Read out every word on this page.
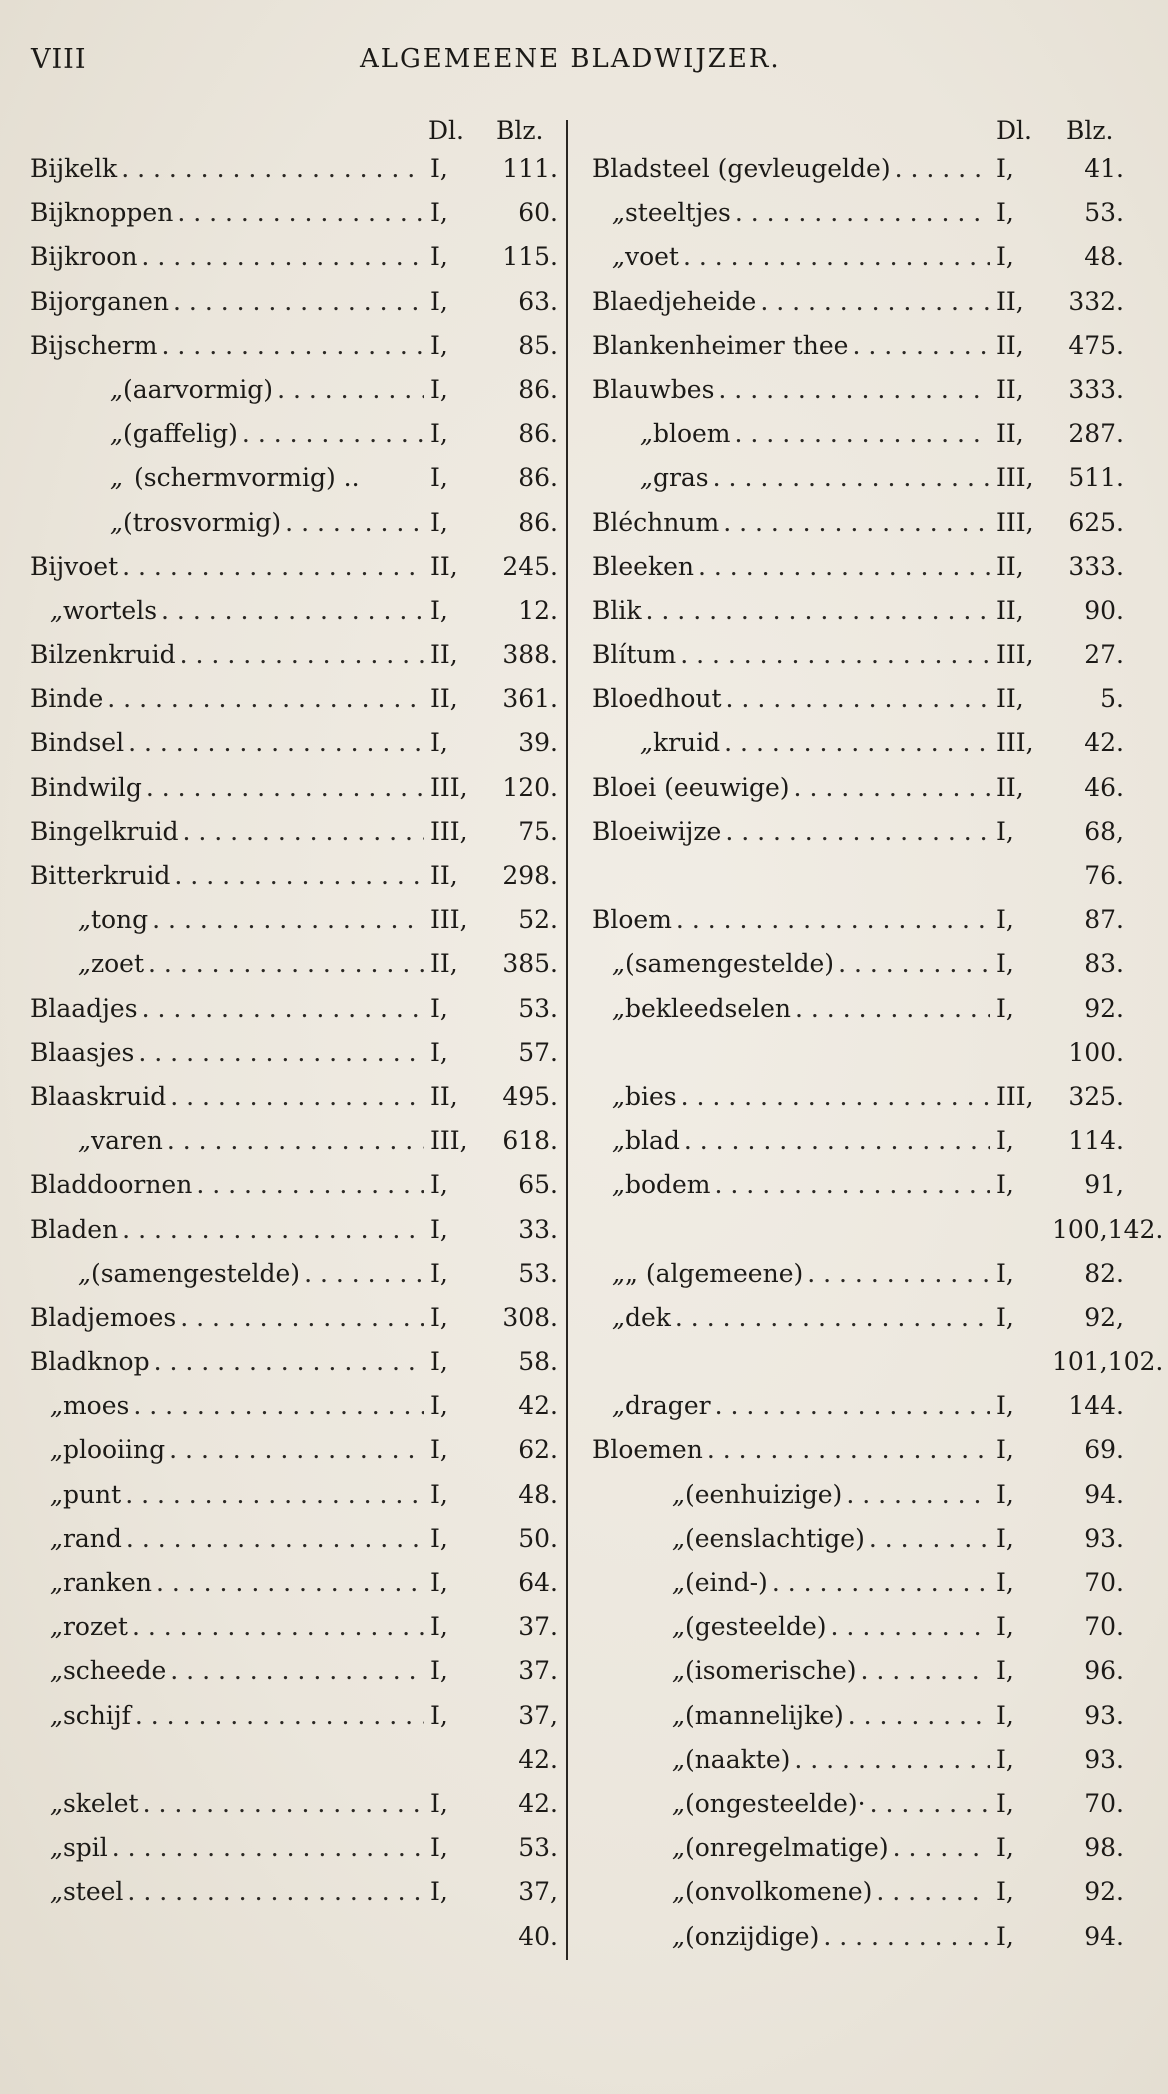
VIII	ALGEMEENE BLADWIJZER.
Dl. Blz.
Bijkelk . . .	I,	111.
Bijknoppen . . .	I,	60.
Bijkroon . . .	I,	115.
Bijorganen . . .	I,	63.
Bijscherm . . .	I,	85.
„ (aarvormig) . . .	I,	86.
„ (gaffelig) . . .	I,	86.
„ (schermvormig) ..	I,	86.
„ (trosvormig) . . .	I,	86.
Bijvoet . . .	II,	245.
„ wortels . . .	I,	12.
Bilzenkruid . . .	II,	388.
Binde . . .	II,	361.
Bindsel . . .	I,	39.
Bindwilg . . .	III,	120.
Bingelkruid . . .	III,	75.
Bitterkruid . . .	II,	298.
„ tong . . .	III,	52.
„ zoet . . .	II,	385.
Blaadjes . . .	I,	53.
Blaasjes . . .	I,	57.
Blaaskruid . . .	II,	495.
„ varen . . .	III,	618.
Bladdoornen . . .	I,	65.
Bladen . . .	I,	33.
„ (samengestelde) . . .	I,	53.
Bladjemoes . . .	I,	308.
Bladknop . . .	I,	58.
„ moes . . .	I,	42.
„ plooiing . . .	I,	62.
„ punt . . .	I,	48.
„ rand . . .	I,	50.
„ ranken . . .	I,	64.
„ rozet . . .	I,	37.
„ scheede . . .	I,	37.
„ schijf . . .	I,	37,
42.
„ skelet . . .	I,	42.
„ spil . . .	I,	53.
„ steel . . .	I,	37,
40.
Dl. Blz.
Bladsteel (gevleugelde) . . .	I,	41.
„ steeltjes . . .	I,	53.
„ voet . . .	I,	48.
Blaedjeheide . . .	II,	332.
Blankenheimer thee . . .	II,	475.
Blauwbes . . .	II,	333.
„ bloem . . .	II,	287.
„ gras . . .	III,	511.
Bléchnum . . .	III,	625.
Bleeken . . .	II,	333.
Blik . . .	II,	90.
Blítum . . .	III,	27.
Bloedhout . . .	II,	5.
„ kruid . . .	III,	42.
Bloei (eeuwige) . . .	II,	46.
Bloeiwijze . . .	I,	68,
76.
Bloem . . .	I,	87.
„ (samengestelde) . . .	I,	83.
„ bekleedselen . . .	I,	92.
100.
„ bies . . .	III,	325.
„ blad . . .	I,	114.
„ bodem . . .	I,	91,
100,142.
„ „ (algemeene) . . .	I,	82.
„ dek . . .	I,	92,
101,102.
„ drager . . .	I,	144.
Bloemen . . .	I,	69.
„ (eenhuizige) . . .	I,	94.
„ (eenslachtige) . . .	I,	93.
„ (eind-) . . .	I,	70.
„ (gesteelde) . . .	I,	70.
„ (isomerische) . . .	I,	96.
„ (mannelijke) . . .	I,	93.
„ (naakte) . . .	I,	93.
„ (ongesteelde)· . . .	I,	70.
„ (onregelmatige) . . .	I,	98.
„ (onvolkomene) . . .	I,	92.
„ (onzijdige) . . .	I,	94.
